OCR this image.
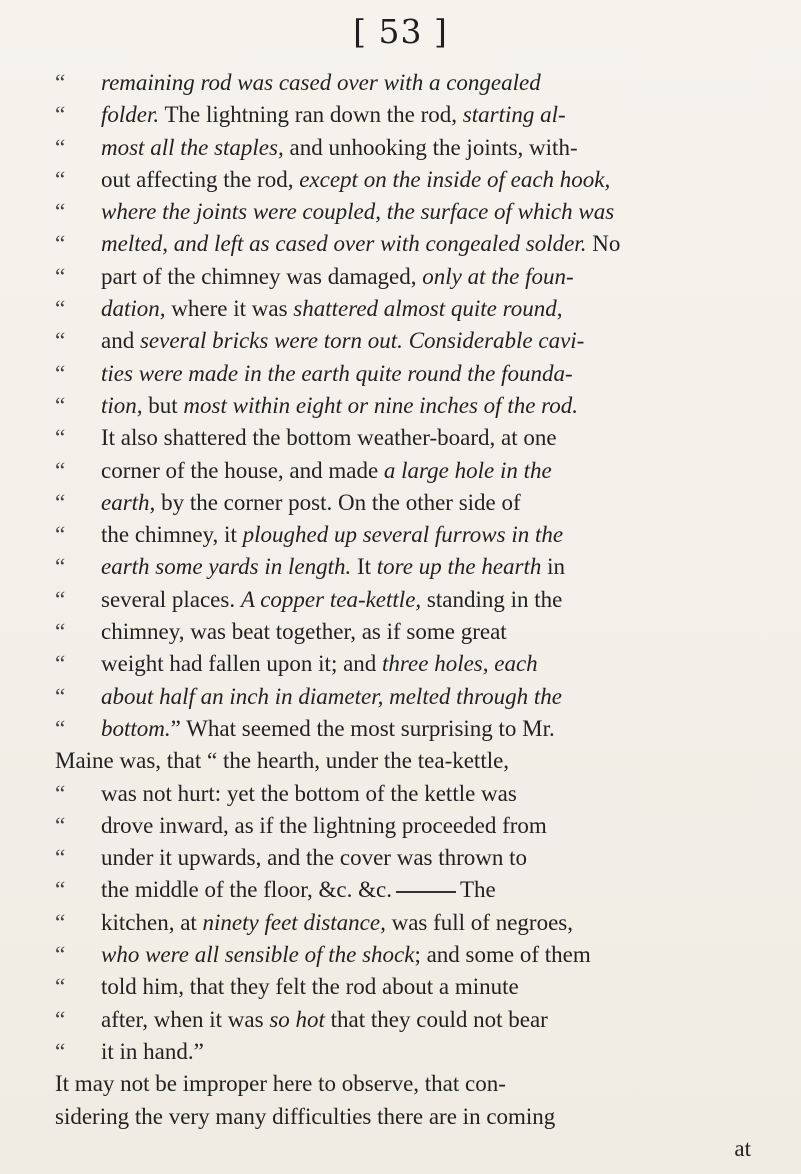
[ 53 ]
“ remaining rod was cased over with a congealed
“ folder. The lightning ran down the rod, starting al-
“ most all the staples, and unhooking the joints, with-
“ out affecting the rod, except on the inside of each hook,
“ where the joints were coupled, the surface of which was
“ melted, and left as cased over with congealed solder. No
“ part of the chimney was damaged, only at the foun-
“ dation, where it was shattered almost quite round,
“ and several bricks were torn out. Considerable cavi-
“ ties were made in the earth quite round the founda-
“ tion, but most within eight or nine inches of the rod.
“ It also shattered the bottom weather-board, at one
“ corner of the house, and made a large hole in the
“ earth, by the corner post. On the other side of
“ the chimney, it ploughed up several furrows in the
“ earth some yards in length. It tore up the hearth in
“ several places. A copper tea-kettle, standing in the
“ chimney, was beat together, as if some great
“ weight had fallen upon it; and three holes, each
“ about half an inch in diameter, melted through the
“ bottom.” What seemed the most surprising to Mr.
Maine was, that “ the hearth, under the tea-kettle,
“ was not hurt: yet the bottom of the kettle was
“ drove inward, as if the lightning proceeded from
“ under it upwards, and the cover was thrown to
“ the middle of the floor, &c. &c.	The
“ kitchen, at ninety feet distance, was full of negroes,
“ who were all sensible of the shock; and some of them
“ told him, that they felt the rod about a minute
“ after, when it was so hot that they could not bear
“ it in hand.”
It may not be improper here to observe, that con-
sidering the very many difficulties there are in coming
at
